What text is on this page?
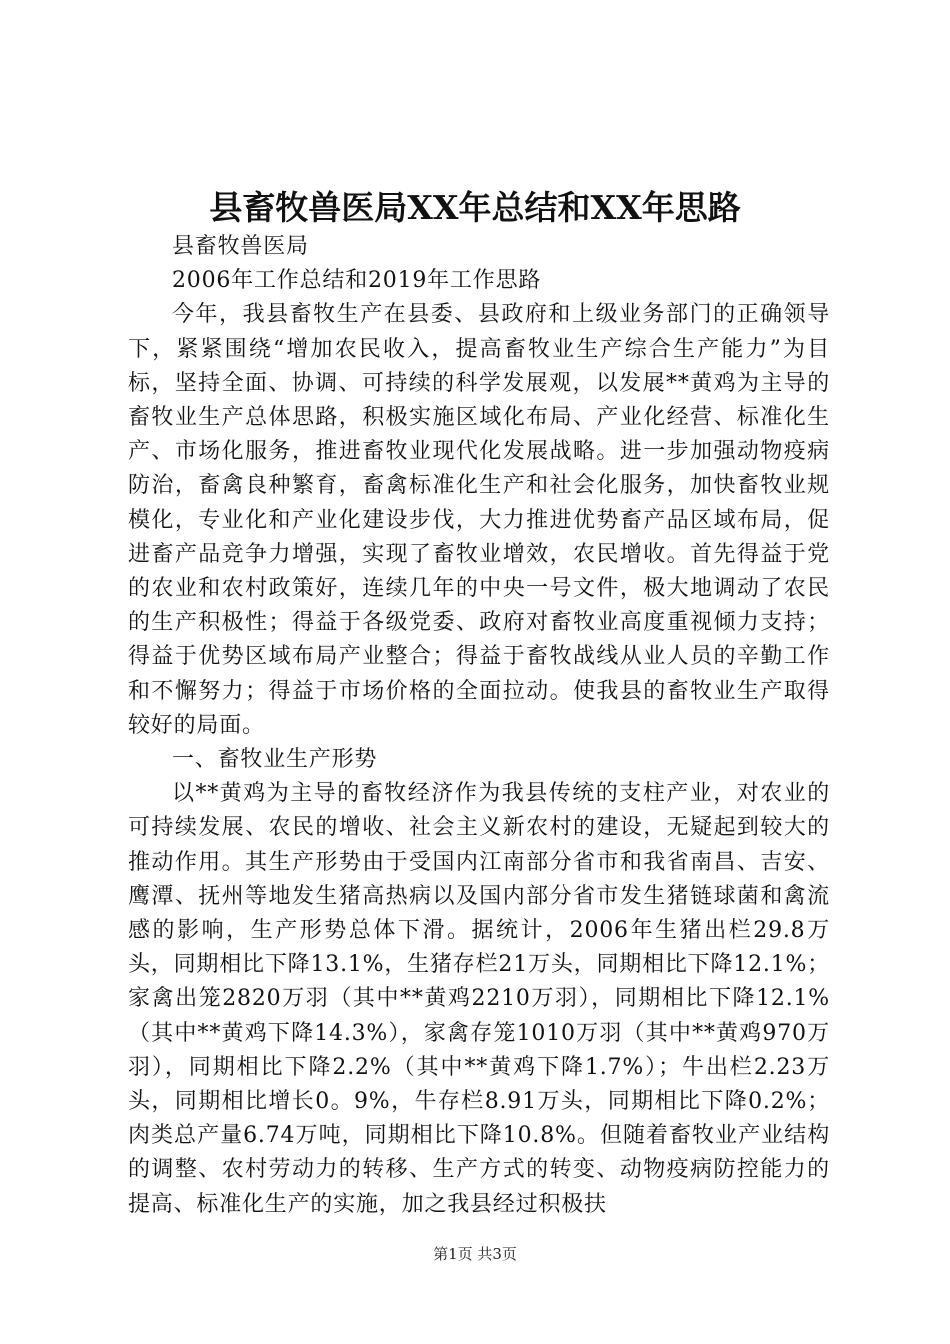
县畜牧兽医局XX年总结和XX年思路

县畜牧兽医局

2006年工作总结和2019年工作思路

今年，我县畜牧生产在县委、县政府和上级业务部门的正确领导下，紧紧围绕“增加农民收入，提高畜牧业生产综合生产能力”为目标，坚持全面、协调、可持续的科学发展观，以发展**黄鸡为主导的畜牧业生产总体思路，积极实施区域化布局、产业化经营、标准化生产、市场化服务，推进畜牧业现代化发展战略。进一步加强动物疫病防治，畜禽良种繁育，畜禽标准化生产和社会化服务，加快畜牧业规模化，专业化和产业化建设步伐，大力推进优势畜产品区域布局，促进畜产品竞争力增强，实现了畜牧业增效，农民增收。首先得益于党的农业和农村政策好，连续几年的中央一号文件，极大地调动了农民的生产积极性；得益于各级党委、政府对畜牧业高度重视倾力支持；得益于优势区域布局产业整合；得益于畜牧战线从业人员的辛勤工作和不懈努力；得益于市场价格的全面拉动。使我县的畜牧业生产取得较好的局面。

一、畜牧业生产形势

以**黄鸡为主导的畜牧经济作为我县传统的支柱产业，对农业的可持续发展、农民的增收、社会主义新农村的建设，无疑起到较大的推动作用。其生产形势由于受国内江南部分省市和我省南昌、吉安、鹰潭、抚州等地发生猪高热病以及国内部分省市发生猪链球菌和禽流感的影响，生产形势总体下滑。据统计，2006年生猪出栏29.8万头，同期相比下降13.1%，生猪存栏21万头，同期相比下降12.1%；家禽出笼2820万羽（其中**黄鸡2210万羽），同期相比下降12.1%（其中**黄鸡下降14.3%），家禽存笼1010万羽（其中**黄鸡970万羽），同期相比下降2.2%（其中**黄鸡下降1.7%）；牛出栏2.23万头，同期相比增长0。9%，牛存栏8.91万头，同期相比下降0.2%；肉类总产量6.74万吨，同期相比下降10.8%。但随着畜牧业产业结构的调整、农村劳动力的转移、生产方式的转变、动物疫病防控能力的提高、标准化生产的实施，加之我县经过积极扶

第1页 共3页
